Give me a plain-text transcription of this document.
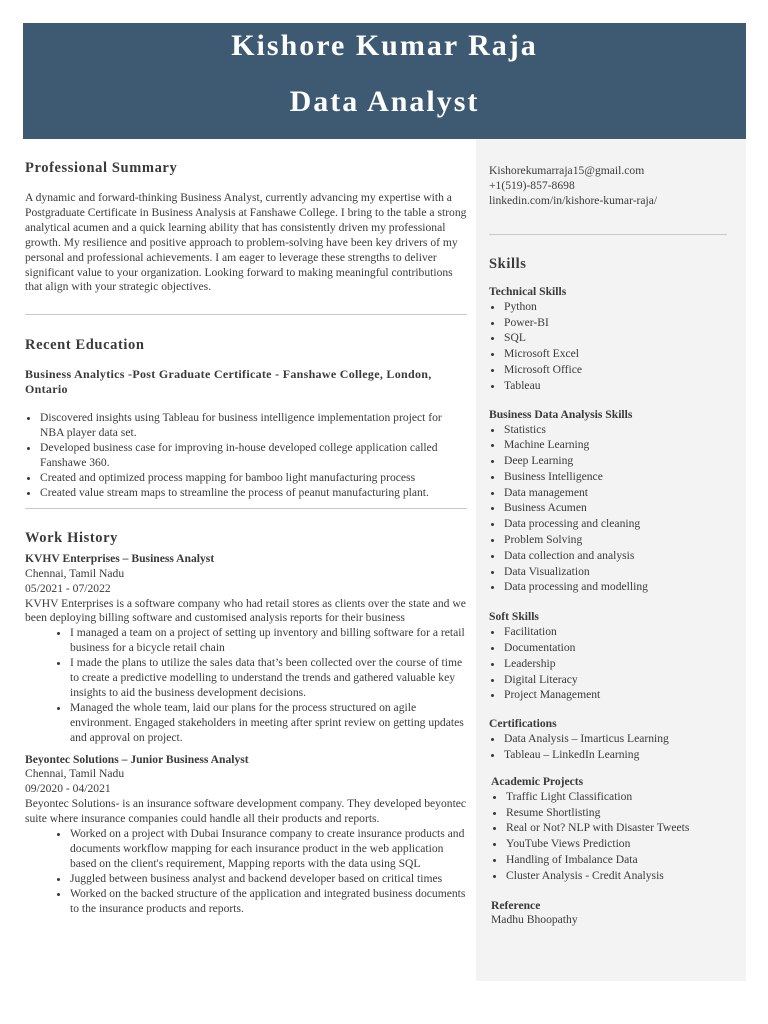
Kishore Kumar Raja
Data Analyst
Professional Summary

A dynamic and forward-thinking Business Analyst, currently advancing my expertise with a Postgraduate Certificate in Business Analysis at Fanshawe College. I bring to the table a strong analytical acumen and a quick learning ability that has consistently driven my professional growth. My resilience and positive approach to problem-solving have been key drivers of my personal and professional achievements. I am eager to leverage these strengths to deliver significant value to your organization. Looking forward to making meaningful contributions that align with your strategic objectives.

Recent Education

Business Analytics -Post Graduate Certificate - Fanshawe College, London, Ontario

• Discovered insights using Tableau for business intelligence implementation project for NBA player data set.
• Developed business case for improving in-house developed college application called Fanshawe 360.
• Created and optimized process mapping for bamboo light manufacturing process
• Created value stream maps to streamline the process of peanut manufacturing plant.
Work History
KVHV Enterprises – Business Analyst
Chennai, Tamil Nadu
05/2021 - 07/2022

KVHV Enterprises is a software company who had retail stores as clients over the state and we been deploying billing software and customised analysis reports for their business

• I managed a team on a project of setting up inventory and billing software for a retail business for a bicycle retail chain
• I made the plans to utilize the sales data that’s been collected over the course of time to create a predictive modelling to understand the trends and gathered valuable key insights to aid the business development decisions.
• Managed the whole team, laid our plans for the process structured on agile environment. Engaged stakeholders in meeting after sprint review on getting updates and approval on project.
Beyontec Solutions – Junior Business Analyst
Chennai, Tamil Nadu
09/2020 - 04/2021

Beyontec Solutions- is an insurance software development company. They developed beyontec suite where insurance companies could handle all their products and reports.

• Worked on a project with Dubai Insurance company to create insurance products and documents workflow mapping for each insurance product in the web application based on the client's requirement, Mapping reports with the data using SQL
• Juggled between business analyst and backend developer based on critical times
• Worked on the backed structure of the application and integrated business documents to the insurance products and reports.
Kishorekumarraja15@gmail.com
+1(519)-857-8698
linkedin.com/in/kishore-kumar-raja/
Skills
Technical Skills
• Python
• Power-BI
• SQL
• Microsoft Excel
• Microsoft Office
• Tableau
Business Data Analysis Skills
• Statistics
• Machine Learning
• Deep Learning
• Business Intelligence
• Data management
• Business Acumen
• Data processing and cleaning
• Problem Solving
• Data collection and analysis
• Data Visualization
• Data processing and modelling
Soft Skills
• Facilitation
• Documentation
• Leadership
• Digital Literacy
• Project Management
Certifications
• Data Analysis – Imarticus Learning
• Tableau – LinkedIn Learning
Academic Projects
• Traffic Light Classification
• Resume Shortlisting
• Real or Not? NLP with Disaster Tweets
• YouTube Views Prediction
• Handling of Imbalance Data
• Cluster Analysis - Credit Analysis
Reference
Madhu Bhoopathy
